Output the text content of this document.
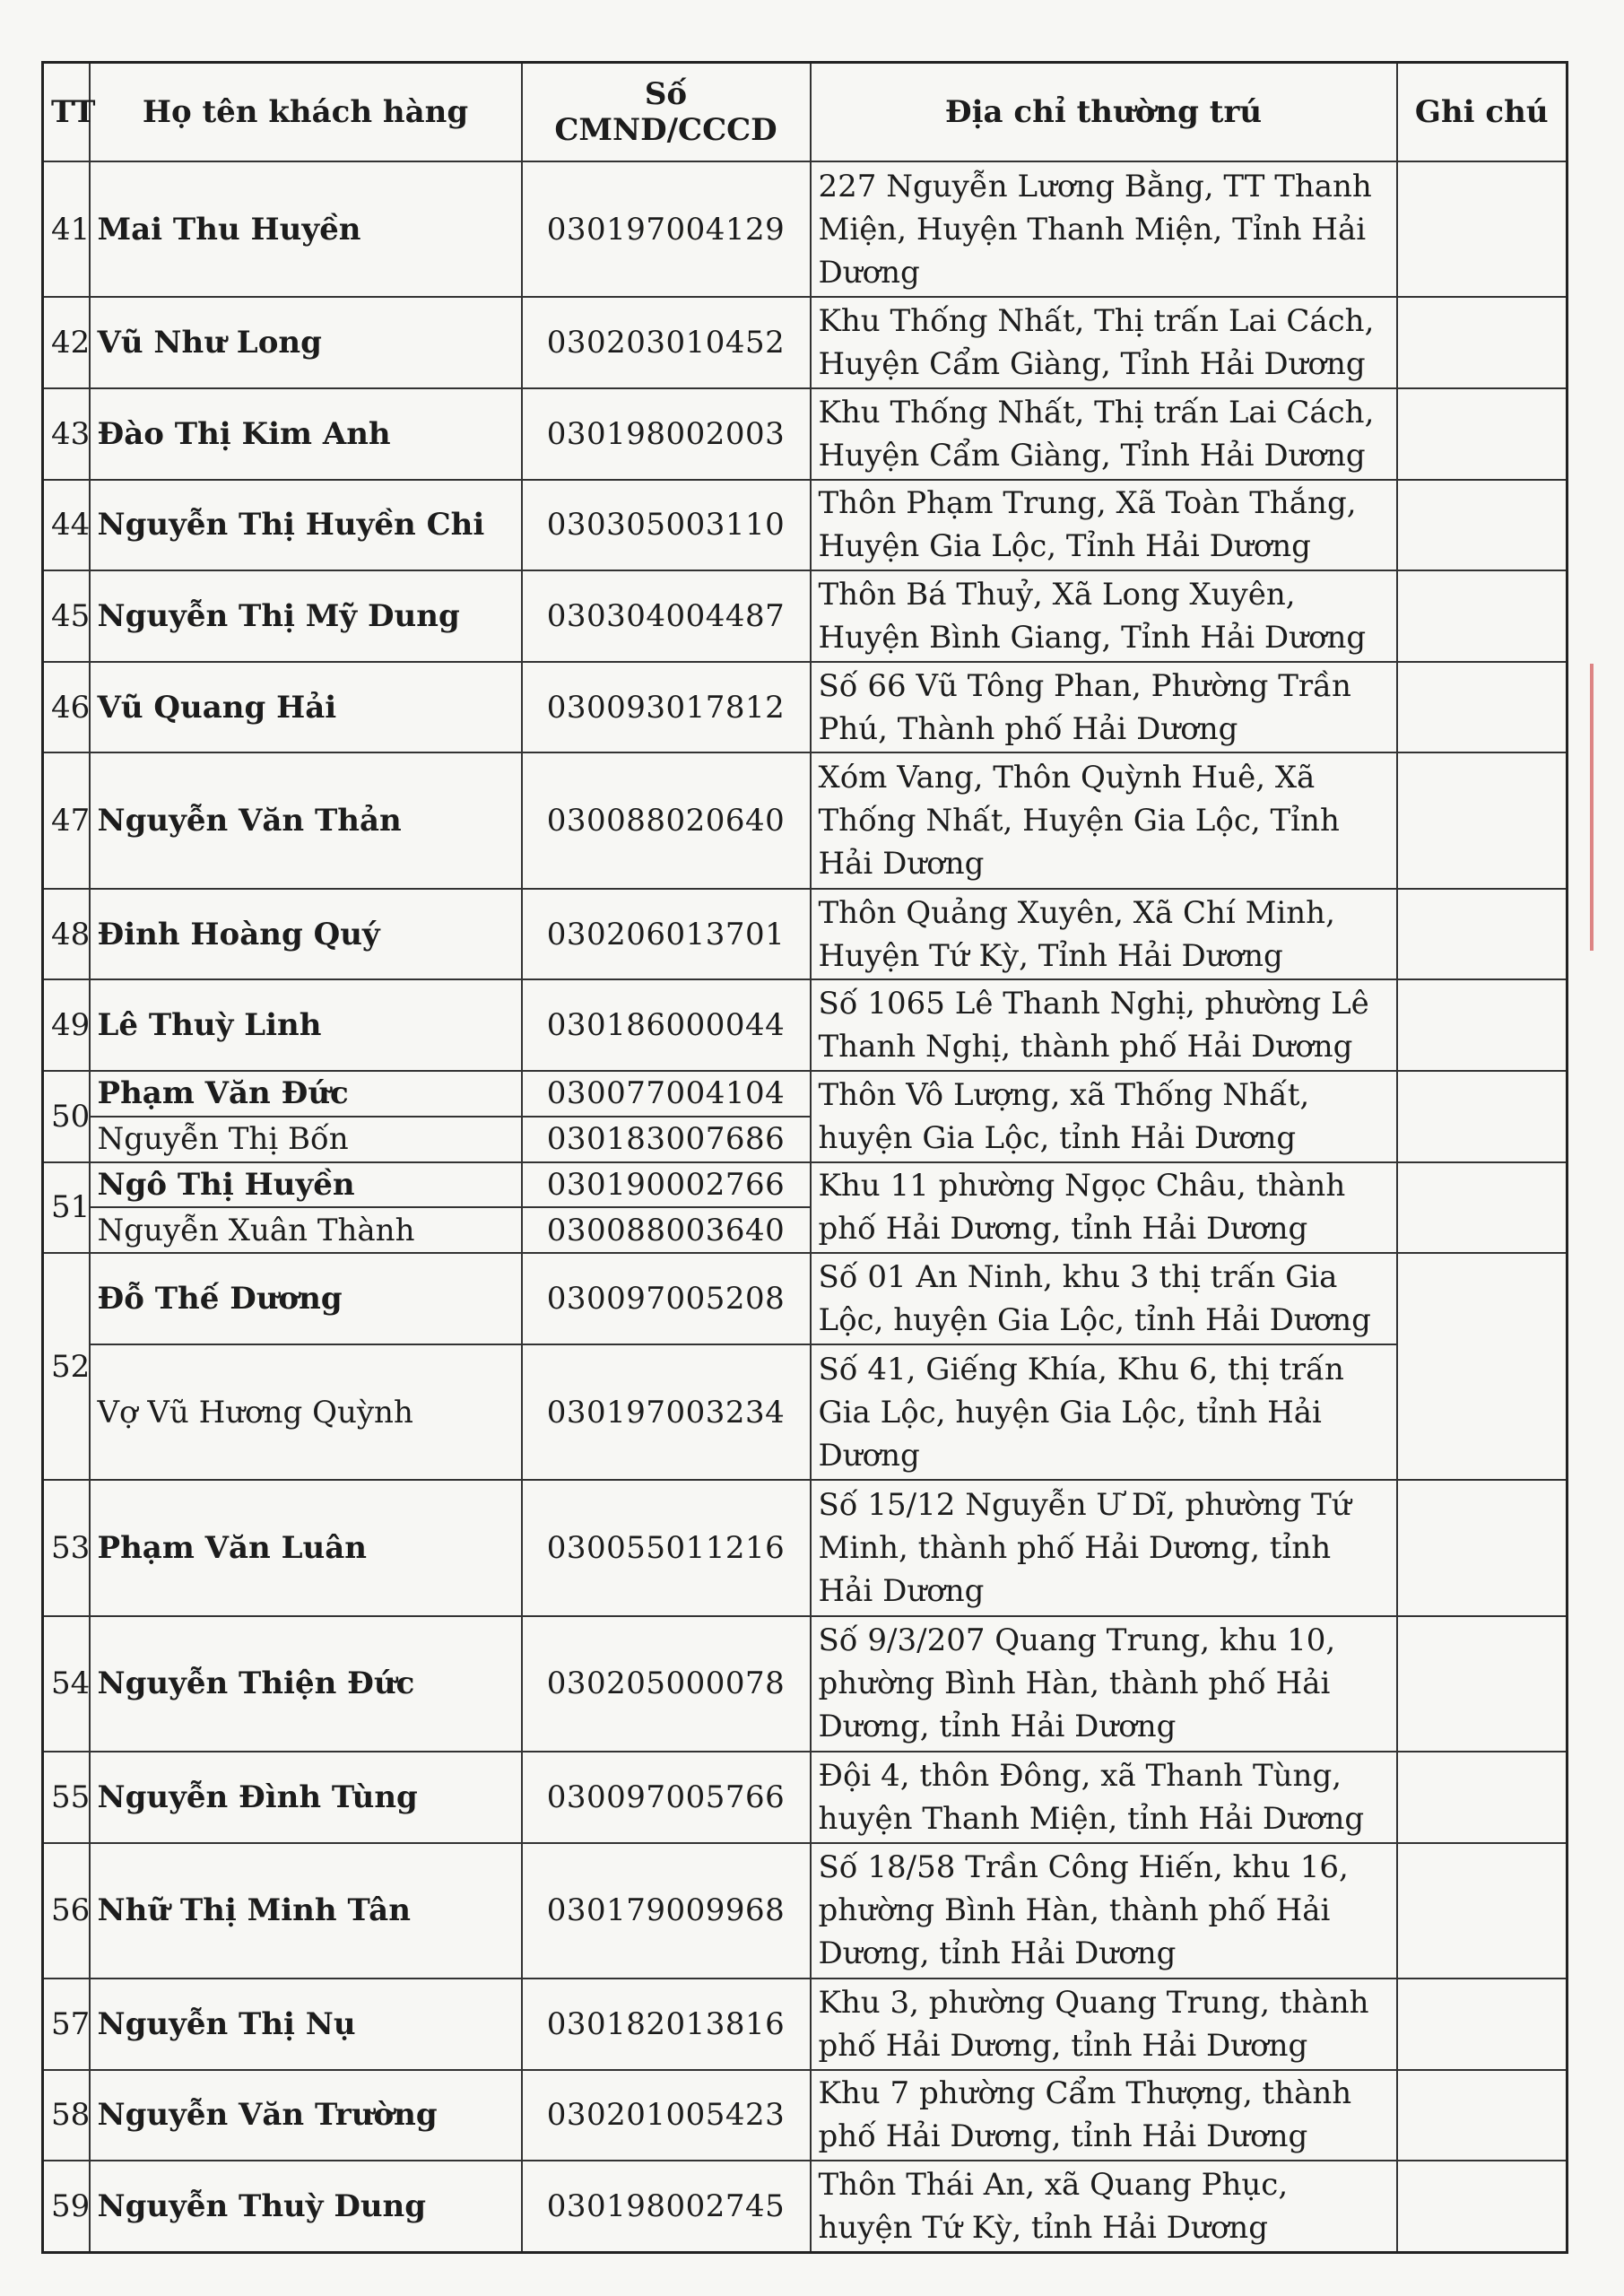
TT	Họ tên khách hàng	Số CMND/CCCD	Địa chỉ thường trú	Ghi chú
41	Mai Thu Huyền	030197004129	227 Nguyễn Lương Bằng, TT Thanh Miện, Huyện Thanh Miện, Tỉnh Hải Dương	
42	Vũ Như Long	030203010452	Khu Thống Nhất, Thị trấn Lai Cách, Huyện Cẩm Giàng, Tỉnh Hải Dương	
43	Đào Thị Kim Anh	030198002003	Khu Thống Nhất, Thị trấn Lai Cách, Huyện Cẩm Giàng, Tỉnh Hải Dương	
44	Nguyễn Thị Huyền Chi	030305003110	Thôn Phạm Trung, Xã Toàn Thắng, Huyện Gia Lộc, Tỉnh Hải Dương	
45	Nguyễn Thị Mỹ Dung	030304004487	Thôn Bá Thuỷ, Xã Long Xuyên, Huyện Bình Giang, Tỉnh Hải Dương	
46	Vũ Quang Hải	030093017812	Số 66 Vũ Tông Phan, Phường Trần Phú, Thành phố Hải Dương	
47	Nguyễn Văn Thản	030088020640	Xóm Vang, Thôn Quỳnh Huê, Xã Thống Nhất, Huyện Gia Lộc, Tỉnh Hải Dương	
48	Đinh Hoàng Quý	030206013701	Thôn Quảng Xuyên, Xã Chí Minh, Huyện Tứ Kỳ, Tỉnh Hải Dương	
49	Lê Thuỳ Linh	030186000044	Số 1065 Lê Thanh Nghị, phường Lê Thanh Nghị, thành phố Hải Dương	
50	Phạm Văn Đức	030077004104	Thôn Vô Lượng, xã Thống Nhất, huyện Gia Lộc, tỉnh Hải Dương	
	Nguyễn Thị Bốn	030183007686		
51	Ngô Thị Huyền	030190002766	Khu 11 phường Ngọc Châu, thành phố Hải Dương, tỉnh Hải Dương	
	Nguyễn Xuân Thành	030088003640		
52	Đỗ Thế Dương	030097005208	Số 01 An Ninh, khu 3 thị trấn Gia Lộc, huyện Gia Lộc, tỉnh Hải Dương	
	Vợ Vũ Hương Quỳnh	030197003234	Số 41, Giếng Khía, Khu 6, thị trấn Gia Lộc, huyện Gia Lộc, tỉnh Hải Dương	
53	Phạm Văn Luân	030055011216	Số 15/12 Nguyễn Ư Dĩ, phường Tứ Minh, thành phố Hải Dương, tỉnh Hải Dương	
54	Nguyễn Thiện Đức	030205000078	Số 9/3/207 Quang Trung, khu 10, phường Bình Hàn, thành phố Hải Dương, tỉnh Hải Dương	
55	Nguyễn Đình Tùng	030097005766	Đội 4, thôn Đông, xã Thanh Tùng, huyện Thanh Miện, tỉnh Hải Dương	
56	Nhữ Thị Minh Tân	030179009968	Số 18/58 Trần Công Hiến, khu 16, phường Bình Hàn, thành phố Hải Dương, tỉnh Hải Dương	
57	Nguyễn Thị Nụ	030182013816	Khu 3, phường Quang Trung, thành phố Hải Dương, tỉnh Hải Dương	
58	Nguyễn Văn Trường	030201005423	Khu 7 phường Cẩm Thượng, thành phố Hải Dương, tỉnh Hải Dương	
59	Nguyễn Thuỳ Dung	030198002745	Thôn Thái An, xã Quang Phục, huyện Tứ Kỳ, tỉnh Hải Dương	
